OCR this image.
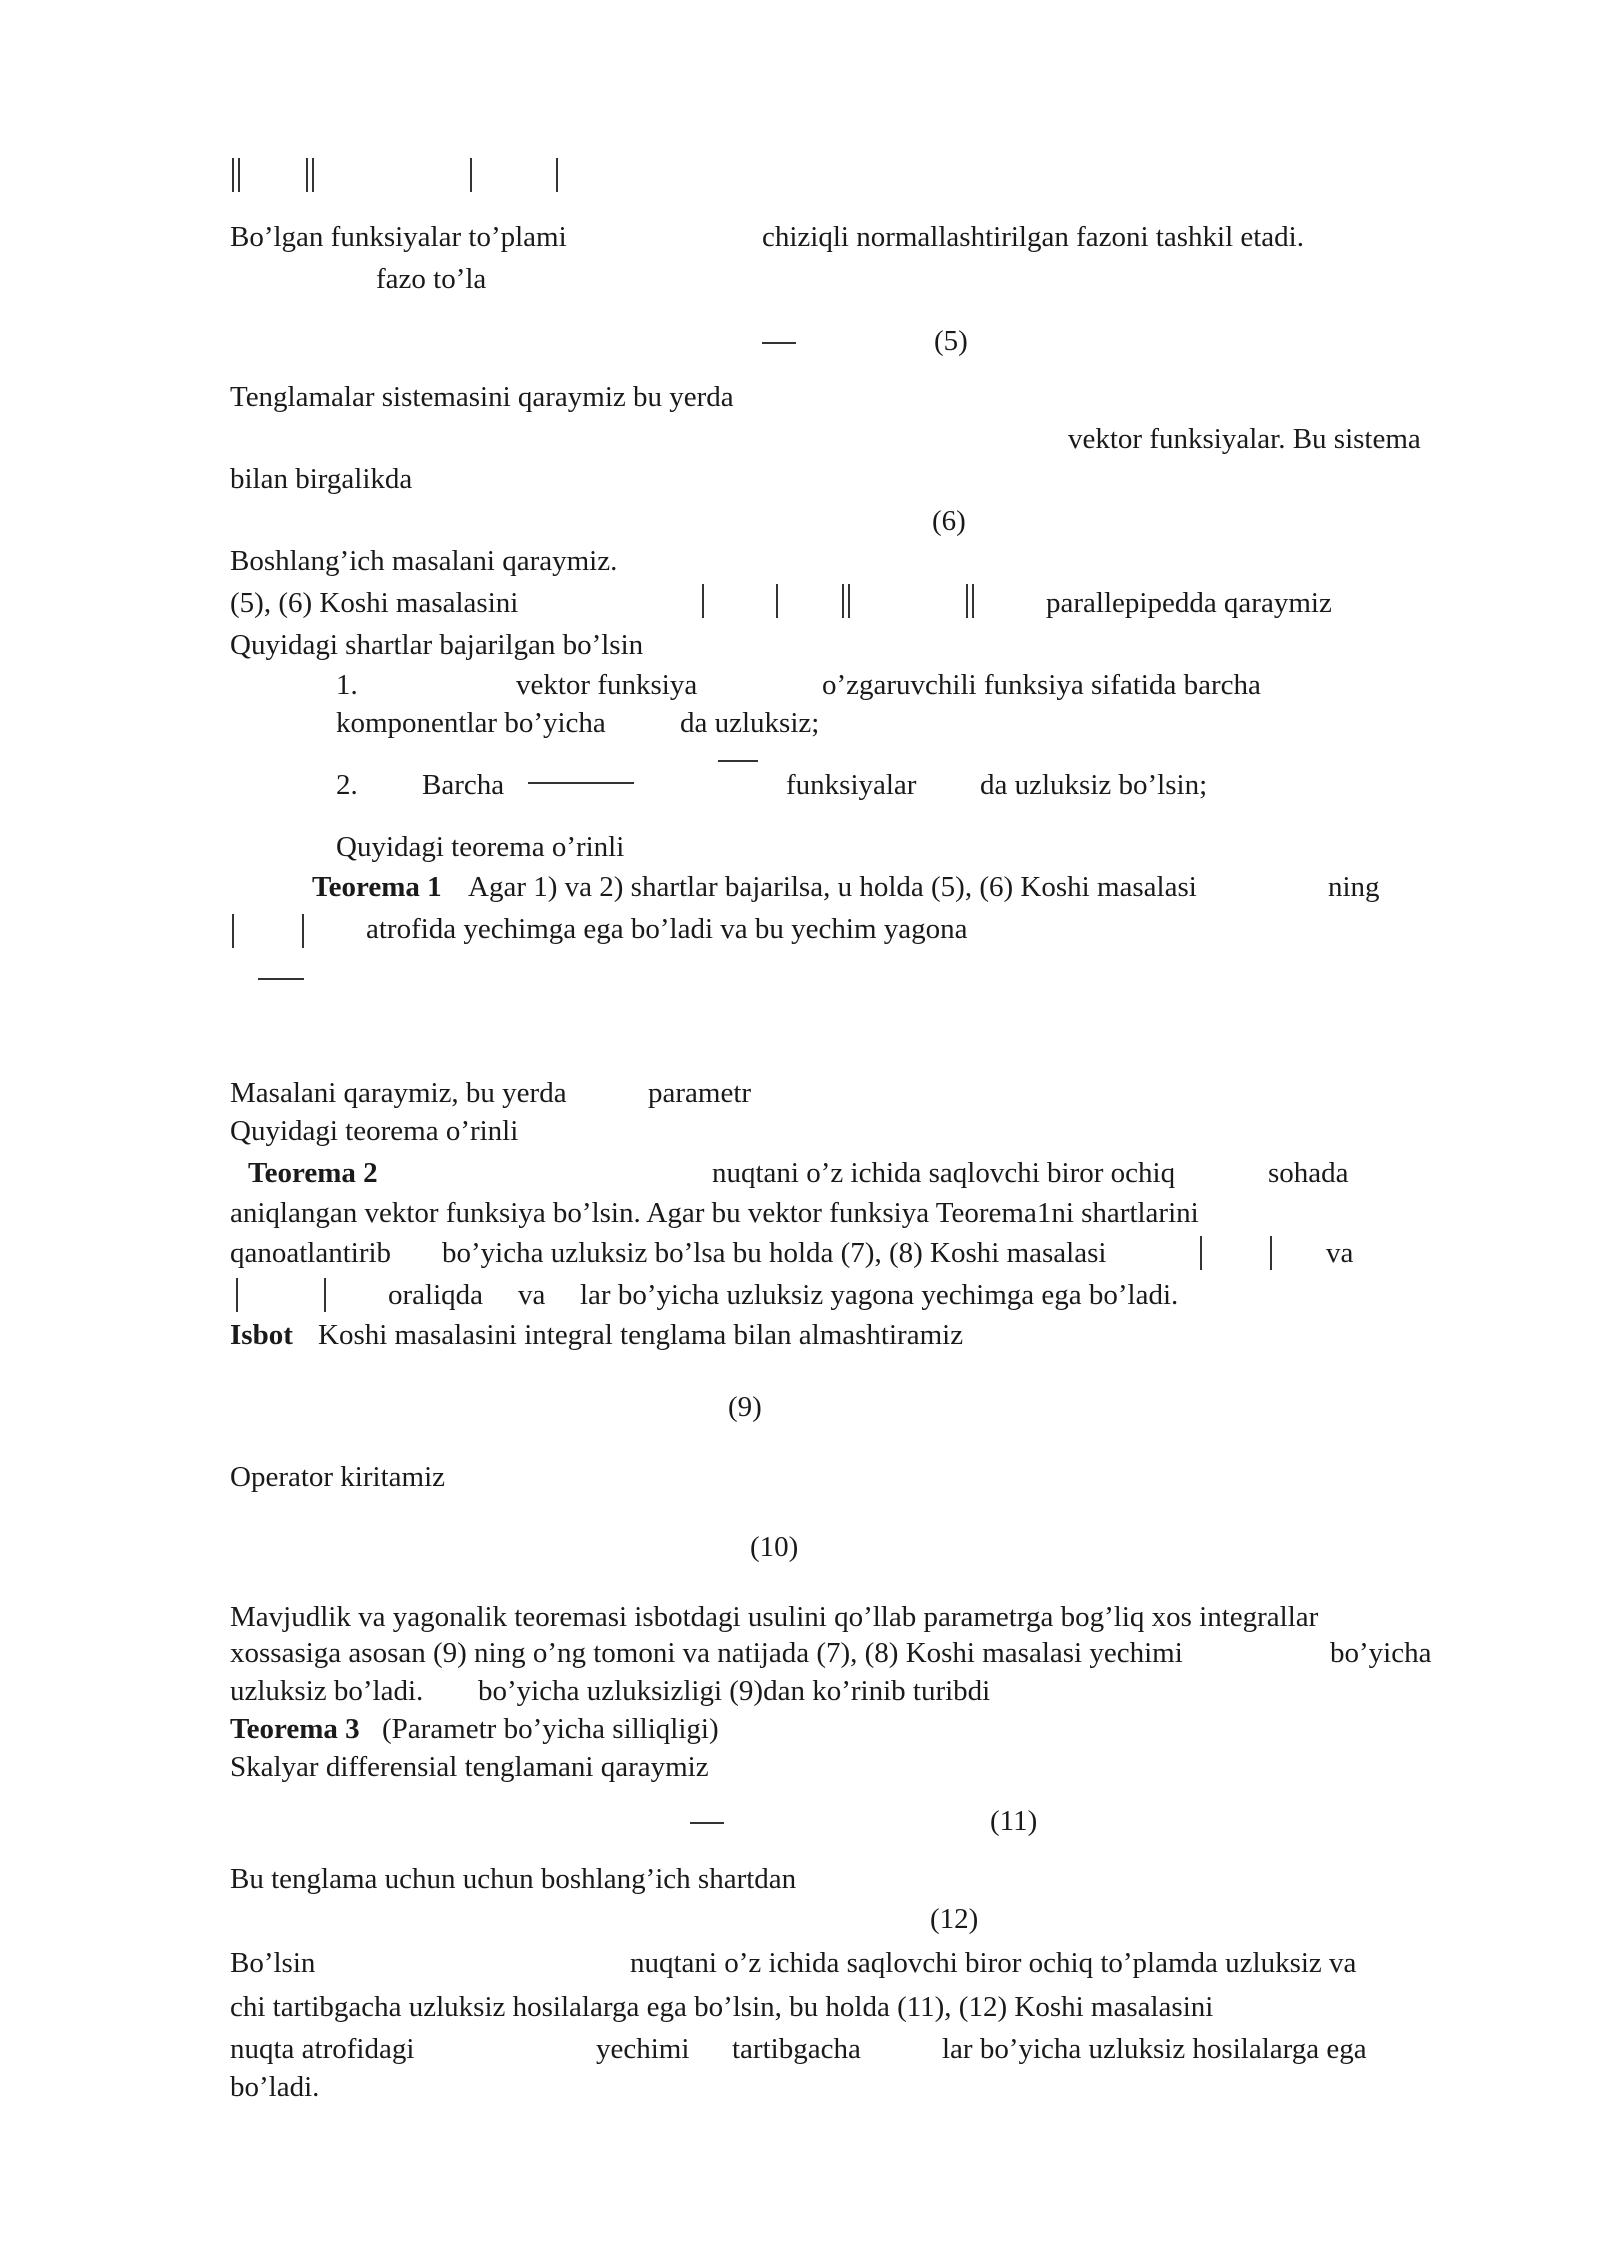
Bo’lgan funksiyalar to’plami	chiziqli normallashtirilgan fazoni tashkil etadi.
fazo to’la
(5)
Tenglamalar sistemasini qaraymiz bu yerda
vektor funksiyalar. Bu sistema
bilan birgalikda
(6)
Boshlang’ich masalani qaraymiz.
(5), (6) Koshi masalasini	parallepipedda qaraymiz
Quyidagi shartlar bajarilgan bo’lsin
1.	vektor funksiya	o’zgaruvchili funksiya sifatida barcha
komponentlar bo’yicha	da uzluksiz;
2. Barcha	funksiyalar da uzluksiz bo’lsin;
Quyidagi teorema o’rinli
Teorema 1 Agar 1) va 2) shartlar bajarilsa, u holda (5), (6) Koshi masalasi	ning
atrofida yechimga ega bo’ladi va bu yechim yagona
Masalani qaraymiz, bu yerda	parametr
Quyidagi teorema o’rinli
Teorema 2	nuqtani o’z ichida saqlovchi biror ochiq	sohada
aniqlangan vektor funksiya bo’lsin. Agar bu vektor funksiya Teorema1ni shartlarini
qanoatlantirib bo’yicha uzluksiz bo’lsa bu holda (7), (8) Koshi masalasi	va
oraliqda va lar bo’yicha uzluksiz yagona yechimga ega bo’ladi.
Isbot Koshi masalasini integral tenglama bilan almashtiramiz
(9)
Operator kiritamiz
(10)
Mavjudlik va yagonalik teoremasi isbotdagi usulini qo’llab parametrga bog’liq xos integrallar
xossasiga asosan (9) ning o’ng tomoni va natijada (7), (8) Koshi masalasi yechimi	bo’yicha
uzluksiz bo’ladi. bo’yicha uzluksizligi (9)dan ko’rinib turibdi
Teorema 3 (Parametr bo’yicha silliqligi)
Skalyar differensial tenglamani qaraymiz
(11)
Bu tenglama uchun uchun boshlang’ich shartdan
(12)
Bo’lsin	nuqtani o’z ichida saqlovchi biror ochiq to’plamda uzluksiz va
chi tartibgacha uzluksiz hosilalarga ega bo’lsin, bu holda (11), (12) Koshi masalasini
nuqta atrofidagi	yechimi tartibgacha	lar bo’yicha uzluksiz hosilalarga ega
bo’ladi.
